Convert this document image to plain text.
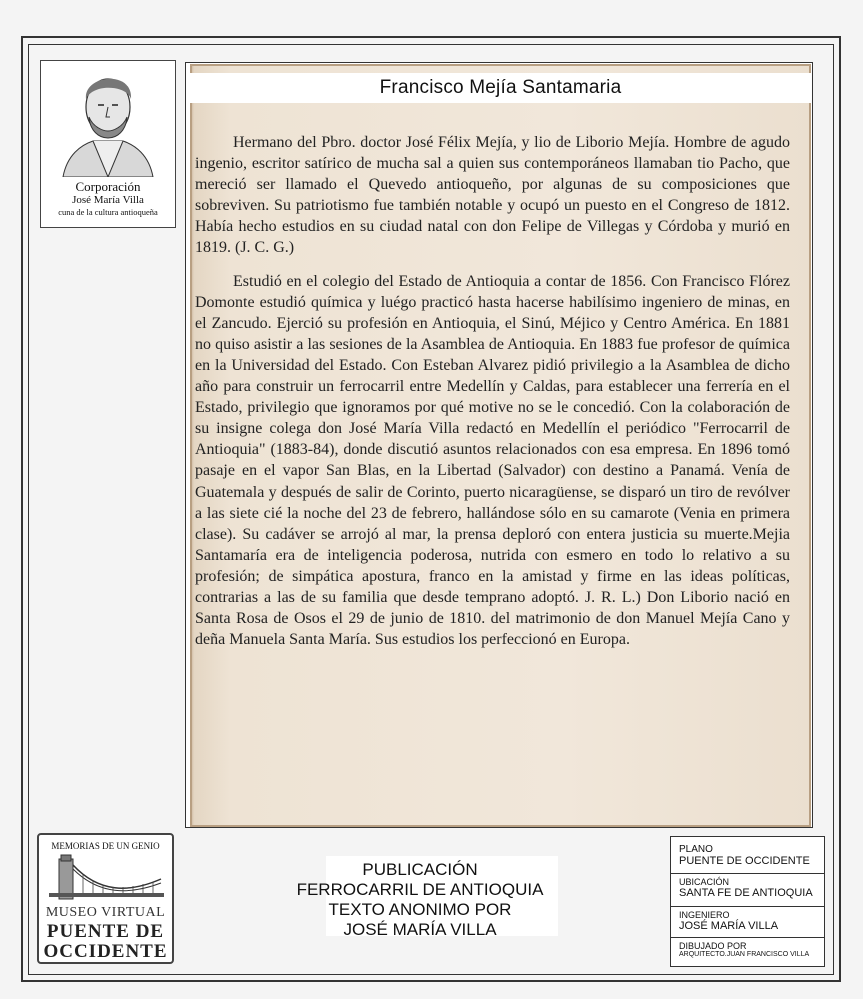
Corporación
José María Villa
cuna de la cultura antioqueña
Francisco Mejía Santamaria

Hermano del Pbro. doctor José Félix Mejía, y lio de Liborio Mejía. Hombre de agudo ingenio, escritor satírico de mucha sal a quien sus contemporáneos llamaban tio Pacho, que mereció ser llamado el Quevedo antioqueño, por algunas de su composiciones que sobreviven. Su patriotismo fue también notable y ocupó un puesto en el Congreso de 1812. Había hecho estudios en su ciudad natal con don Felipe de Villegas y Córdoba y murió en 1819. (J. C. G.)

Estudió en el colegio del Estado de Antioquia a contar de 1856. Con Francisco Flórez Domonte estudió química y luégo practicó hasta hacerse habilísimo ingeniero de minas, en el Zancudo. Ejerció su profesión en Antioquia, el Sinú, Méjico y Centro América. En 1881 no quiso asistir a las sesiones de la Asamblea de Antioquia. En 1883 fue profesor de química en la Universidad del Estado. Con Esteban Alvarez pidió privilegio a la Asamblea de dicho año para construir un ferrocarril entre Medellín y Caldas, para establecer una ferrería en el Estado, privilegio que ignoramos por qué motive no se le concedió. Con la colaboración de su insigne colega don José María Villa redactó en Medellín el periódico "Ferrocarril de Antioquia" (1883-84), donde discutió asuntos relacionados con esa empresa. En 1896 tomó pasaje en el vapor San Blas, en la Libertad (Salvador) con destino a Panamá. Venía de Guatemala y después de salir de Corinto, puerto nicaragüense, se disparó un tiro de revólver a las siete cié la noche del 23 de febrero, hallándose sólo en su camarote (Venia en primera clase). Su cadáver se arrojó al mar, la prensa deploró con entera justicia su muerte.Mejia Santamaría era de inteligencia poderosa, nutrida con esmero en todo lo relativo a su profesión; de simpática apostura, franco en la amistad y firme en las ideas políticas, contrarias a las de su familia que desde temprano adoptó. J. R. L.) Don Liborio nació en Santa Rosa de Osos el 29 de junio de 1810. del matrimonio de don Manuel Mejía Cano y deña Manuela Santa María. Sus estudios los perfeccionó en Europa.

MEMORIAS DE UN GENIO
MUSEO VIRTUAL
PUENTE DE
OCCIDENTE
PUBLICACIÓN
FERROCARRIL DE ANTIOQUIA
TEXTO ANONIMO POR
JOSÉ MARÍA VILLA
PLANO
PUENTE DE OCCIDENTE
UBICACIÓN
SANTA FE DE ANTIOQUIA
INGENIERO
JOSÉ MARÍA VILLA
DIBUJADO POR
ARQUITECTO.JUAN FRANCISCO VILLA
